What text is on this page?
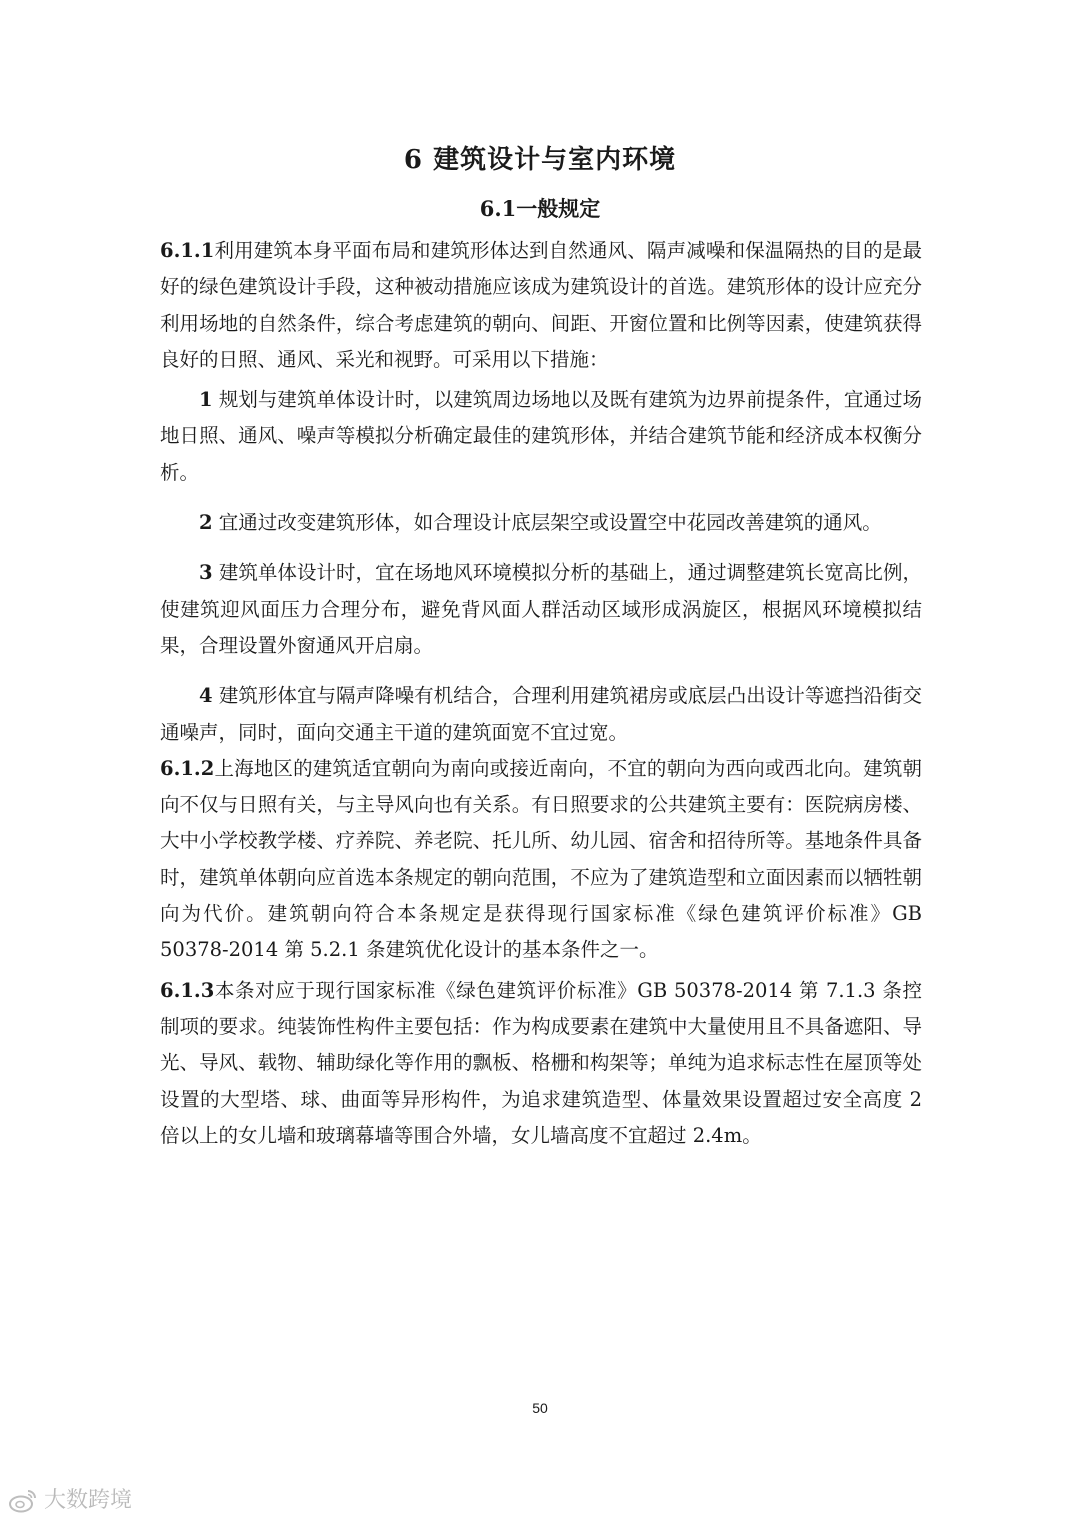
6 建筑设计与室内环境
6.1一般规定

6.1.1利用建筑本身平面布局和建筑形体达到自然通风、隔声减噪和保温隔热的目的是最好的绿色建筑设计手段，这种被动措施应该成为建筑设计的首选。建筑形体的设计应充分利用场地的自然条件，综合考虑建筑的朝向、间距、开窗位置和比例等因素，使建筑获得良好的日照、通风、采光和视野。可采用以下措施：

1 规划与建筑单体设计时，以建筑周边场地以及既有建筑为边界前提条件，宜通过场地日照、通风、噪声等模拟分析确定最佳的建筑形体，并结合建筑节能和经济成本权衡分析。

2 宜通过改变建筑形体，如合理设计底层架空或设置空中花园改善建筑的通风。

3 建筑单体设计时，宜在场地风环境模拟分析的基础上，通过调整建筑长宽高比例，使建筑迎风面压力合理分布，避免背风面人群活动区域形成涡旋区，根据风环境模拟结果，合理设置外窗通风开启扇。

4 建筑形体宜与隔声降噪有机结合，合理利用建筑裙房或底层凸出设计等遮挡沿街交通噪声，同时，面向交通主干道的建筑面宽不宜过宽。

6.1.2上海地区的建筑适宜朝向为南向或接近南向，不宜的朝向为西向或西北向。建筑朝向不仅与日照有关，与主导风向也有关系。有日照要求的公共建筑主要有：医院病房楼、大中小学校教学楼、疗养院、养老院、托儿所、幼儿园、宿舍和招待所等。基地条件具备时，建筑单体朝向应首选本条规定的朝向范围，不应为了建筑造型和立面因素而以牺牲朝向为代价。建筑朝向符合本条规定是获得现行国家标准《绿色建筑评价标准》GB 50378-2014 第 5.2.1 条建筑优化设计的基本条件之一。

6.1.3本条对应于现行国家标准《绿色建筑评价标准》GB 50378-2014 第 7.1.3 条控制项的要求。纯装饰性构件主要包括：作为构成要素在建筑中大量使用且不具备遮阳、导光、导风、载物、辅助绿化等作用的飘板、格栅和构架等；单纯为追求标志性在屋顶等处设置的大型塔、球、曲面等异形构件，为追求建筑造型、体量效果设置超过安全高度 2 倍以上的女儿墙和玻璃幕墙等围合外墙，女儿墙高度不宜超过 2.4m。

50
大数跨境
